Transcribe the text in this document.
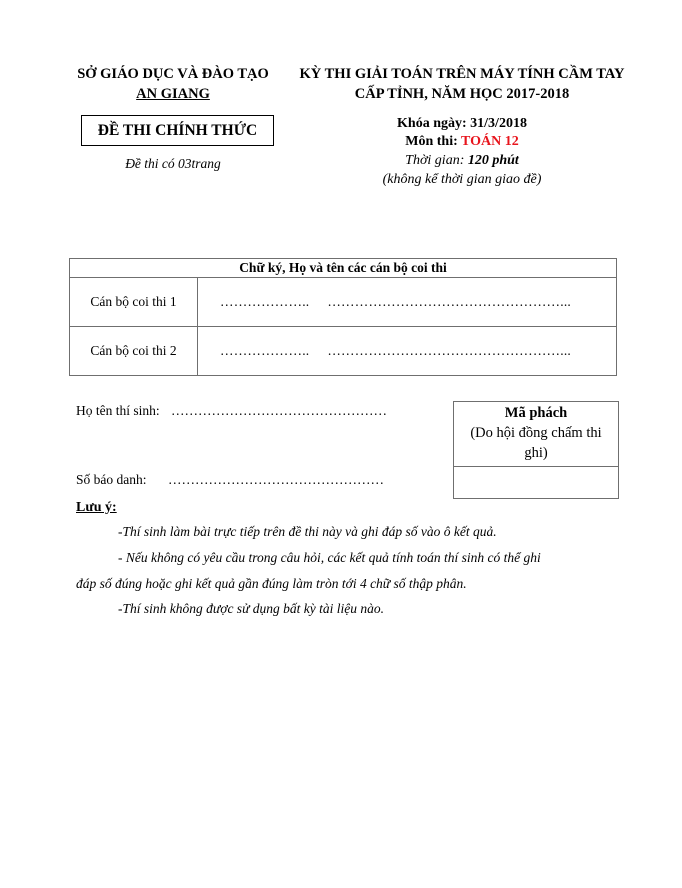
SỞ GIÁO DỤC VÀ ĐÀO TẠO
AN GIANG
ĐỀ THI CHÍNH THỨC
Đề thi có 03trang
KỲ THI GIẢI TOÁN TRÊN MÁY TÍNH CẦM TAY
CẤP TỈNH, NĂM HỌC 2017-2018
Khóa ngày: 31/3/2018
Môn thi: TOÁN 12
Thời gian: 120 phút
(không kể thời gian giao đề)
Chữ ký, Họ và tên các cán bộ coi thi	
Cán bộ coi thi 1	……………….. ……………………………………………...
Cán bộ coi thi 2	……………….. ……………………………………………...
Họ tên thí sinh: …………………………………………
Số báo danh: …………………………………………
Mã phách
(Do hội đồng chấm thi
ghi)
Lưu ý:
-Thí sinh làm bài trực tiếp trên đề thi này và ghi đáp số vào ô kết quả.
- Nếu không có yêu cầu trong câu hỏi, các kết quả tính toán thí sinh có thể ghi
đáp số đúng hoặc ghi kết quả gần đúng làm tròn tới 4 chữ số thập phân.
-Thí sinh không được sử dụng bất kỳ tài liệu nào.
